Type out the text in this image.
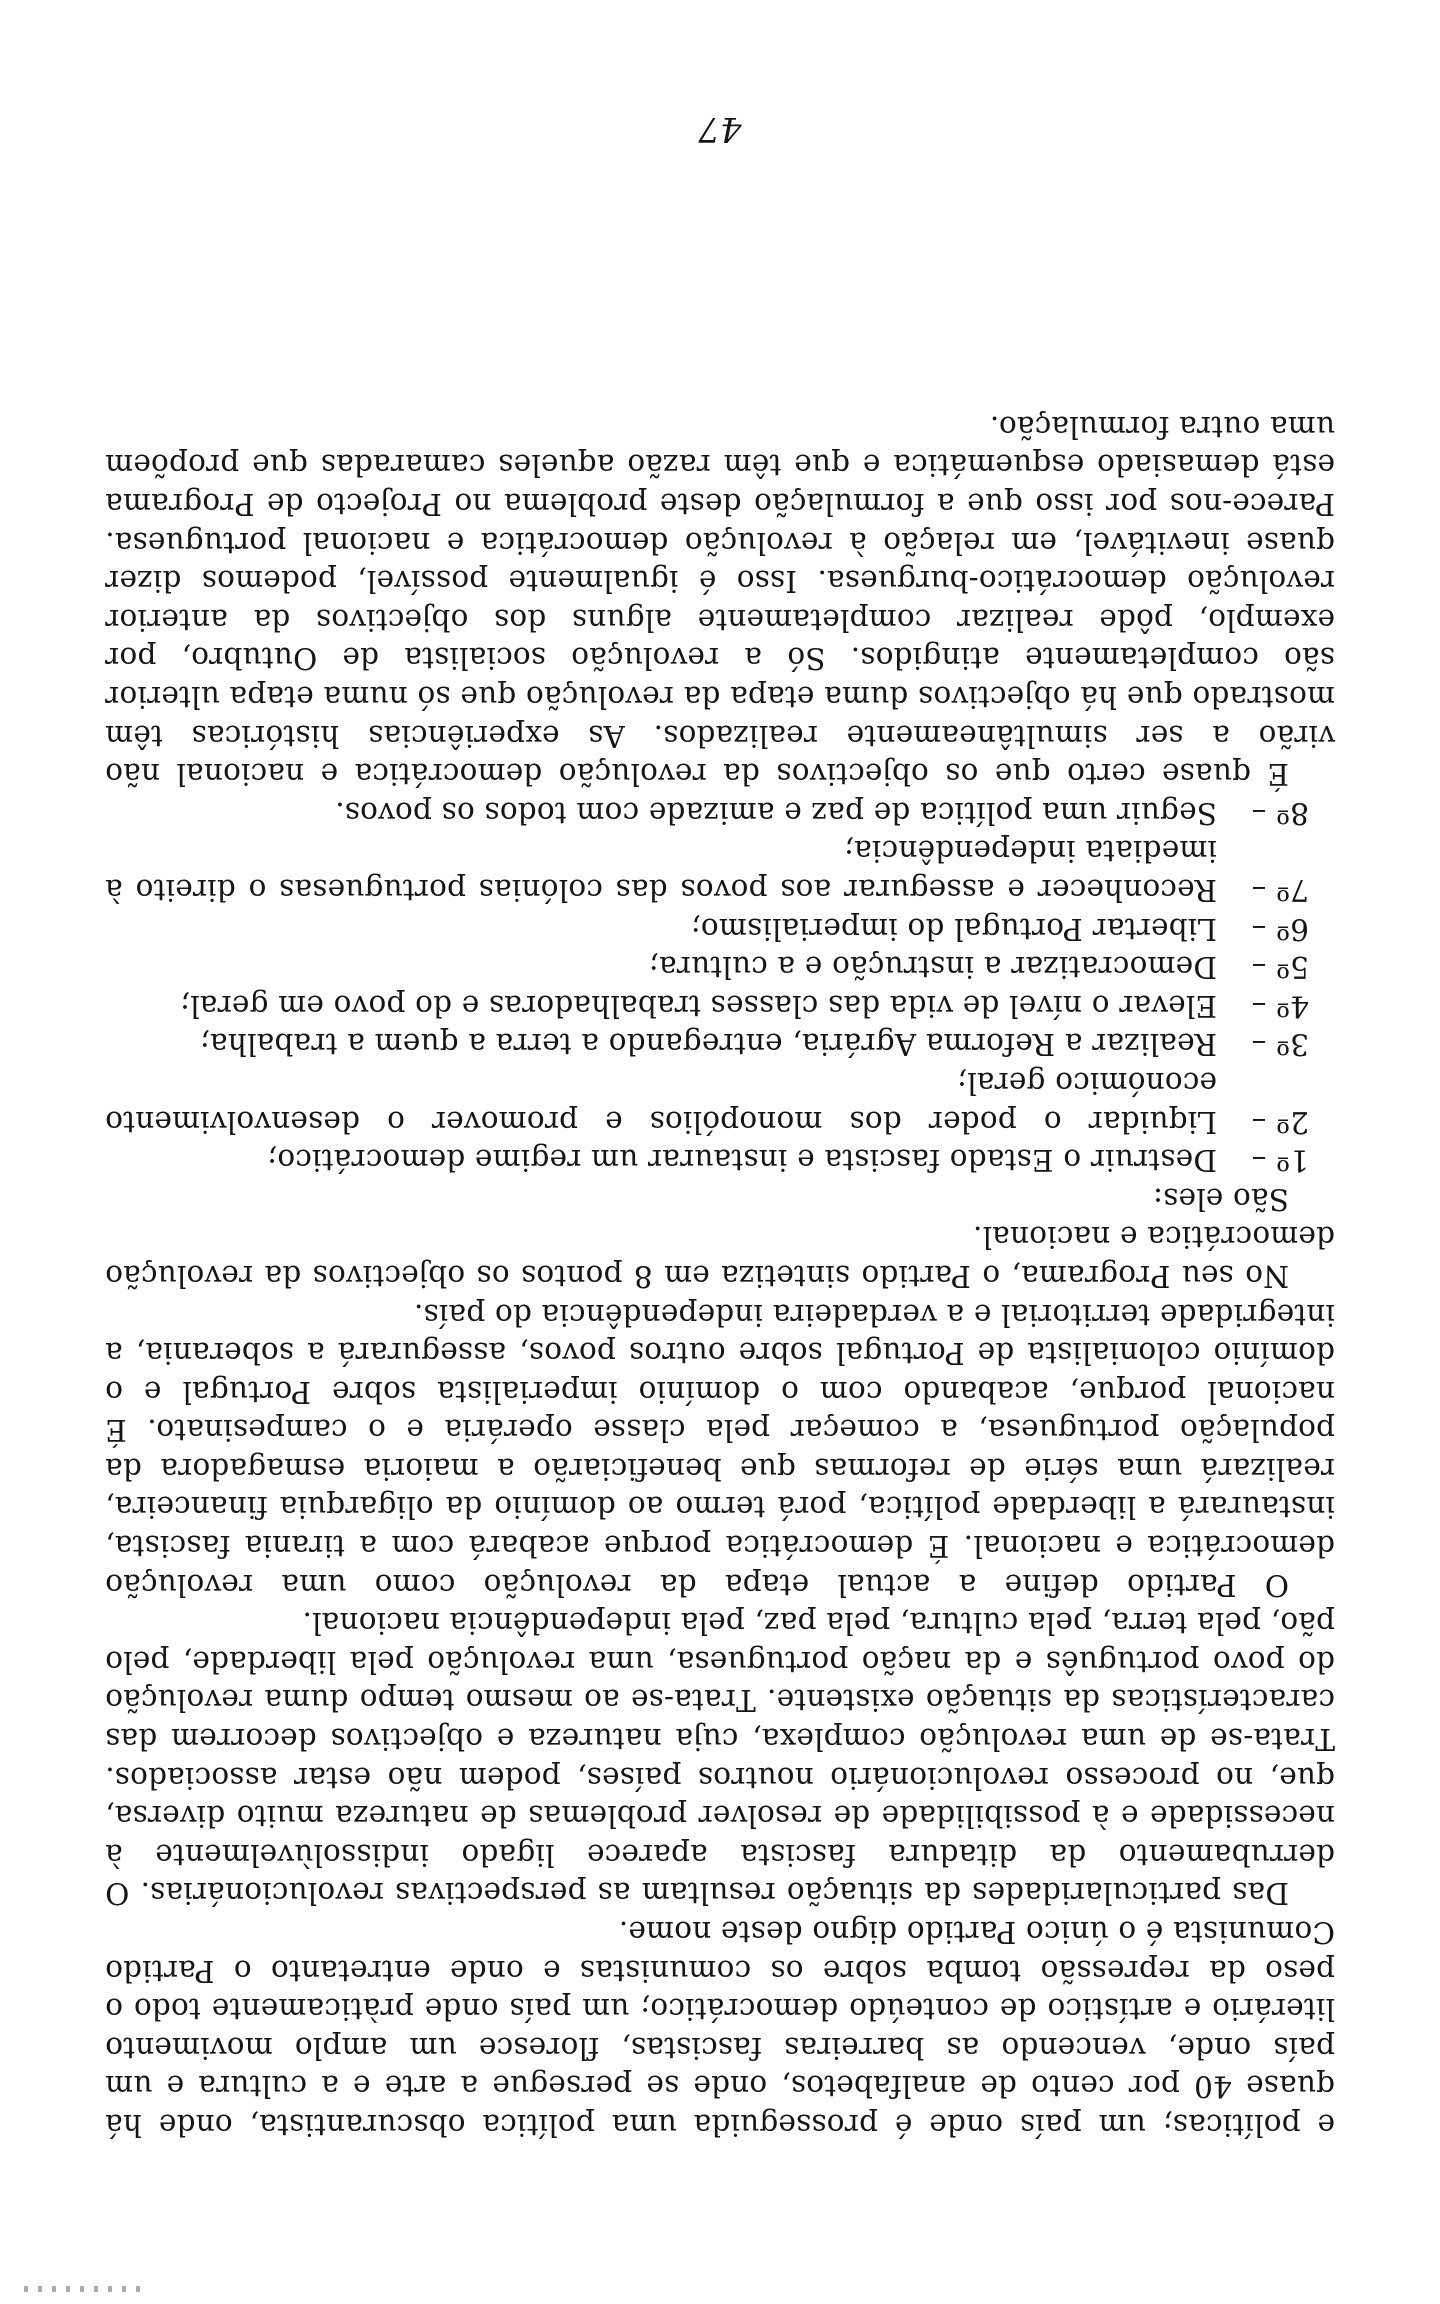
e políticas; um país onde é prosseguida uma política obscurantista, onde há quase 40 por cento de analfabetos, onde se persegue a arte e a cultura e um país onde, vencendo as barreiras fascistas, floresce um amplo movimento literário e artístico de conteúdo democrático; um país onde pràticamente todo o peso da repressão tomba sobre os comunistas e onde entretanto o Partido Comunista é o único Partido digno deste nome.

Das particularidades da situação resultam as perspectivas revolucionárias. O derrubamento da ditadura fascista aparece ligado indissolùvelmente à necessidade e à possibilidade de resolver problemas de natureza muito diversa, que, no processo revolucionário noutros países, podem não estar associados. Trata-se de uma revolução complexa, cuja natureza e objectivos decorrem das características da situação existente. Trata-se ao mesmo tempo duma revolução do povo português e da nação portuguesa, uma revolução pela liberdade, pelo pão, pela terra, pela cultura, pela paz, pela independência nacional.

O Partido define a actual etapa da revolução como uma revolução democrática e nacional. É democrática porque acabará com a tirania fascista, instaurará a liberdade política, porá termo ao domínio da oligarquia financeira, realizará uma série de reformas que beneficiarão a maioria esmagadora da população portuguesa, a começar pela classe operária e o campesinato. É nacional porque, acabando com o domínio imperialista sobre Portugal e o domínio colonialista de Portugal sobre outros povos, assegurará a soberania, a integridade territorial e a verdadeira independência do país.

No seu Programa, o Partido sintetiza em 8 pontos os objectivos da revolução democrática e nacional.

São eles:

1º –
Destruir o Estado fascista e instaurar um regime democrático;
2º –
Liquidar o poder dos monopólios e promover o desenvolvimento económico geral;
3º –
Realizar a Reforma Agrária, entregando a terra a quem a trabalha;
4º –
Elevar o nível de vida das classes trabalhadoras e do povo em geral;
5º –
Democratizar a instrução e a cultura;
6º –
Libertar Portugal do imperialismo;
7º –
Reconhecer e assegurar aos povos das colónias portuguesas o direito à imediata independência;
8º –
Seguir uma política de paz e amizade com todos os povos.

É quase certo que os objectivos da revolução democrática e nacional não virão a ser simultâneamente realizados. As experiências históricas têm mostrado que há objectivos duma etapa da revolução que só numa etapa ulterior são completamente atingidos. Só a revolução socialista de Outubro, por exemplo, pôde realizar completamente alguns dos objectivos da anterior revolução democrático-burguesa. Isso é igualmente possível, podemos dizer quase inevitável, em relação à revolução democrática e nacional portuguesa. Parece-nos por isso que a formulação deste problema no Projecto de Programa está demasiado esquemática e que têm razão aqueles camaradas que propõem uma outra formulação.

47
